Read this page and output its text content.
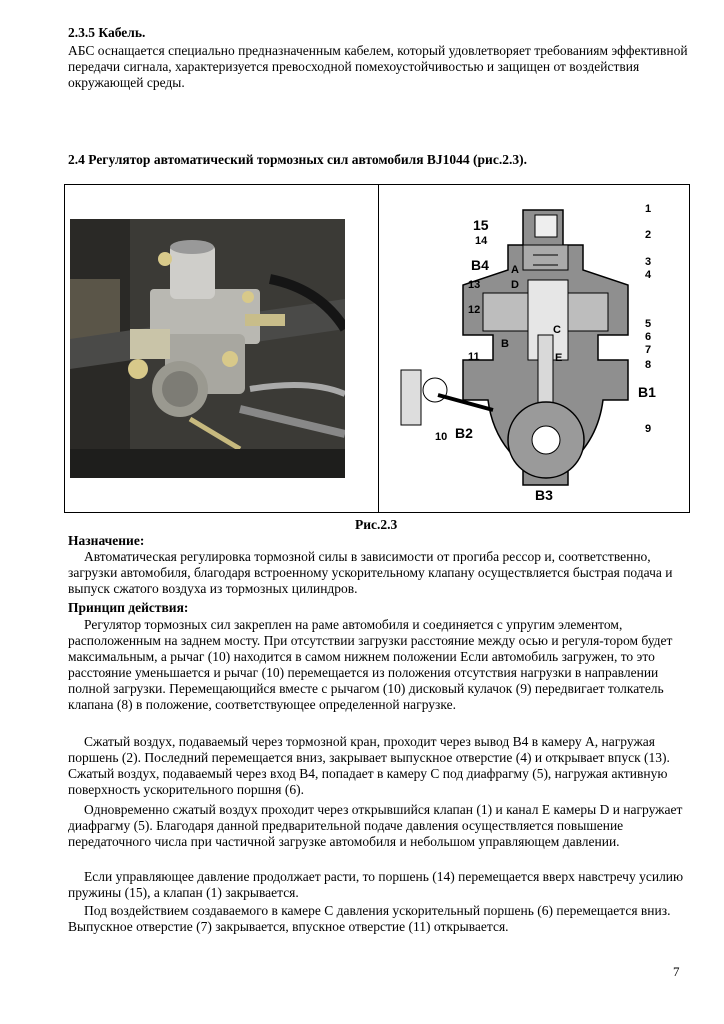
2.3.5 Кабель.

АБС оснащается специально предназначенным кабелем, который удовлетворяет требованиям эффективной передачи сигнала, характеризуется превосходной помехоустойчивостью и защищен от воздействия окружающей среды.

2.4 Регулятор автоматический тормозных сил автомобиля BJ1044 (рис.2.3).
15
14
B4 A
D
13
12
C
B
11	E
1
2
3
4
5
6
7
8
B1
9
10 B2
B3
Рис.2.3
Назначение:

Автоматическая регулировка тормозной силы в зависимости от прогиба рессор и, соответственно, загрузки автомобиля, благодаря встроенному ускорительному клапану осуществляется быстрая подача и выпуск сжатого воздуха из тормозных цилиндров.

Принцип действия:

Регулятор тормозных сил закреплен на раме автомобиля и соединяется с упругим элементом, расположенным на заднем мосту. При отсутствии загрузки расстояние между осью и регуля-тором будет максимальным, а рычаг (10) находится в самом нижнем положении Если автомобиль загружен, то это расстояние уменьшается и рычаг (10) перемещается из положения отсутствия нагрузки в направлении полной загрузки. Перемещающийся вместе с рычагом (10) дисковый кулачок (9) передвигает толкатель клапана (8) в положение, соответствующее определенной нагрузке.

Сжатый воздух, подаваемый через тормозной кран, проходит через вывод B4 в камеру A, нагружая поршень (2). Последний перемещается вниз, закрывает выпускное отверстие (4) и открывает впуск (13). Сжатый воздух, подаваемый через вход B4, попадает в камеру C под диафрагму (5), нагружая активную поверхность ускорительного поршня (6).

Одновременно сжатый воздух проходит через открывшийся клапан (1) и канал E камеры D и нагружает диафрагму (5). Благодаря данной предварительной подаче давления осуществляется повышение передаточного числа при частичной загрузке автомобиля и небольшом управляющем давлении.

Если управляющее давление продолжает расти, то поршень (14) перемещается вверх навстречу усилию пружины (15), а клапан (1) закрывается.

Под воздействием создаваемого в камере C давления ускорительный поршень (6) перемещается вниз. Выпускное отверстие (7) закрывается, впускное отверстие (11) открывается.

7
